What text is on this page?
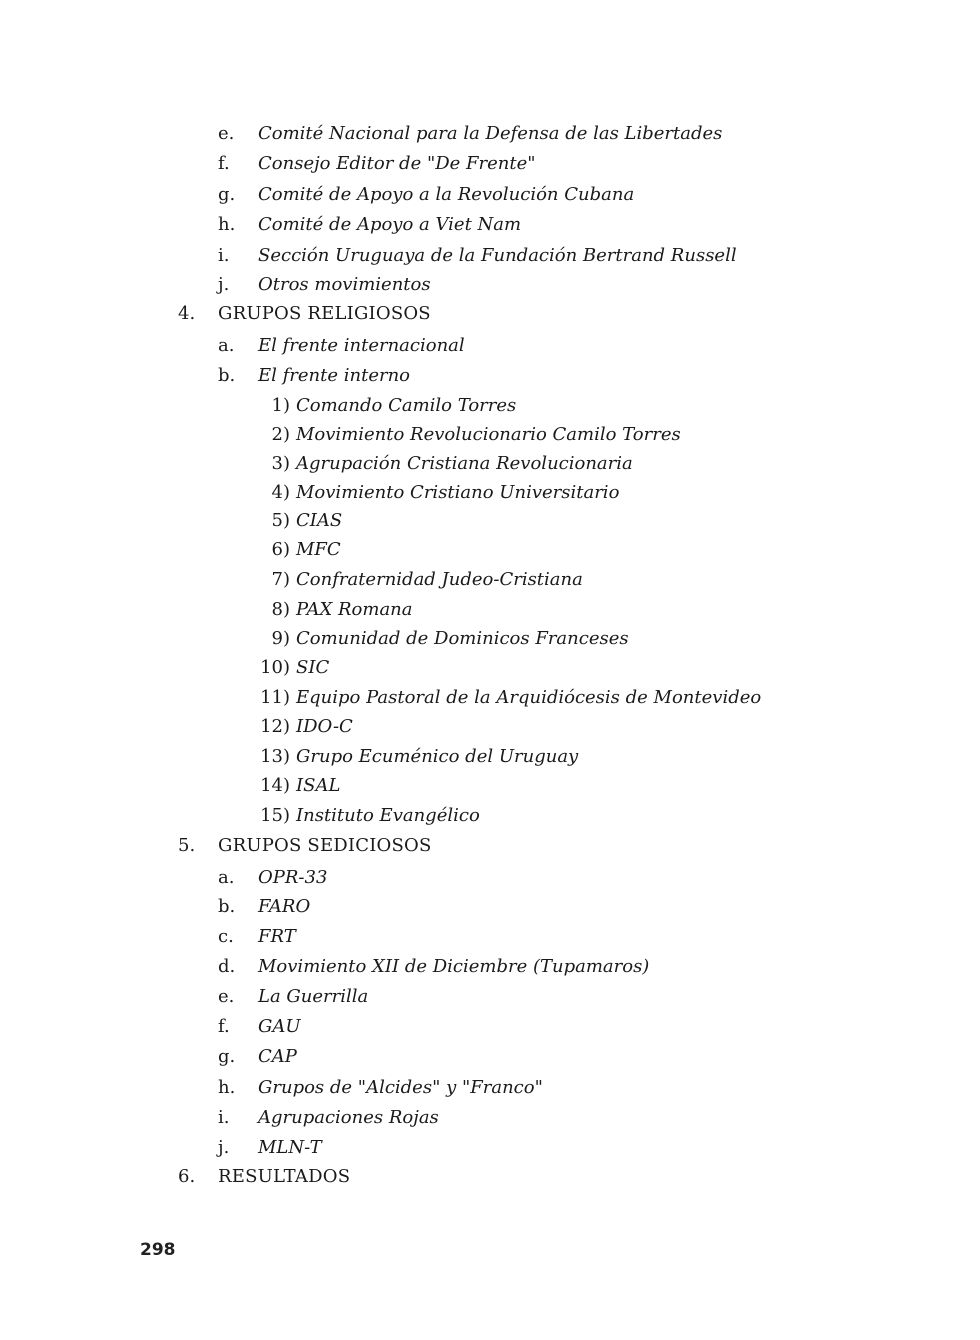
e. Comité Nacional para la Defensa de las Libertades
f. Consejo Editor de "De Frente"
g. Comité de Apoyo a la Revolución Cubana
h. Comité de Apoyo a Viet Nam
i. Sección Uruguaya de la Fundación Bertrand Russell
j. Otros movimientos
4. GRUPOS RELIGIOSOS
a. El frente internacional
b. El frente interno
1) Comando Camilo Torres
2) Movimiento Revolucionario Camilo Torres
3) Agrupación Cristiana Revolucionaria
4) Movimiento Cristiano Universitario
5) CIAS
6) MFC
7) Confraternidad Judeo-Cristiana
8) PAX Romana
9) Comunidad de Dominicos Franceses
10) SIC
11) Equipo Pastoral de la Arquidiócesis de Montevideo
12) IDO-C
13) Grupo Ecuménico del Uruguay
14) ISAL
15) Instituto Evangélico
5. GRUPOS SEDICIOSOS
a. OPR-33
b. FARO
c. FRT
d. Movimiento XII de Diciembre (Tupamaros)
e. La Guerrilla
f. GAU
g. CAP
h. Grupos de "Alcides" y "Franco"
i. Agrupaciones Rojas
j. MLN-T
6. RESULTADOS
298
